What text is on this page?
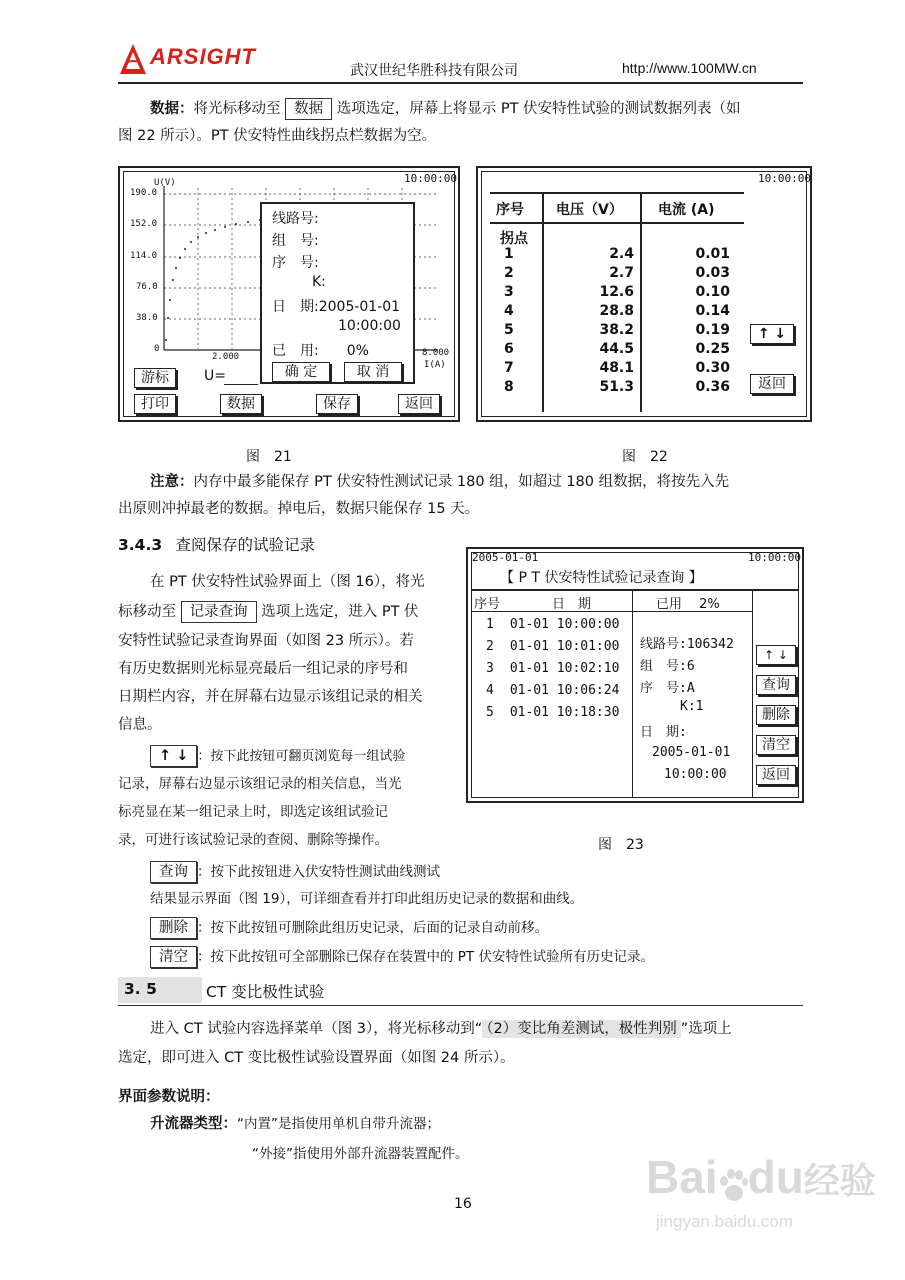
ARSIGHT
武汉世纪华胜科技有限公司	http://www.100MW.cn
数据：将光标移动至 数据 选项选定，屏幕上将显示 PT 伏安特性试验的测试数据列表（如
图 22 所示）。PT 伏安特性曲线拐点栏数据为空。
10:00:00
U(V)
190.0
152.0
114.0
76.0
38.0
0
2.000	8.000
I(A)
线路号:
组　号:
序　号:
K:
日　期:2005-01-01
10:00:00
已　用:　　0%
确 定	取 消
游标	U=
打印	数据	保存	返回
图　21
10:00:00
序号 电压（V）	电流 (A)
拐点
1	2.4	0.01
2	2.7	0.03
3	12.6	0.10
4	28.8	0.14
5	38.2	0.19
6	44.5	0.25
7	48.1	0.30
8	51.3	0.36
↑ ↓
返回
图　22
注意：内存中最多能保存 PT 伏安特性测试记录 180 组，如超过 180 组数据，将按先入先
出原则冲掉最老的数据。掉电后，数据只能保存 15 天。
3.4.3 查阅保存的试验记录
在 PT 伏安特性试验界面上（图 16），将光
标移动至 记录查询 选项上选定，进入 PT 伏
安特性试验记录查询界面（如图 23 所示）。若
有历史数据则光标显亮最后一组记录的序号和
日期栏内容，并在屏幕右边显示该组记录的相关
信息。
↑ ↓ ：按下此按钮可翻页浏览每一组试验
记录，屏幕右边显示该组记录的相关信息，当光
标亮显在某一组记录上时，即选定该组试验记
录，可进行该试验记录的查阅、删除等操作。
查询 ：按下此按钮进入伏安特性测试曲线测试
结果显示界面（图 19），可详细查看并打印此组历史记录的数据和曲线。
删除 ：按下此按钮可删除此组历史记录，后面的记录自动前移。
清空 ：按下此按钮可全部删除已保存在装置中的 PT 伏安特性试验所有历史记录。
2005-01-01	10:00:00
【 P T 伏安特性试验记录查询 】
序号	日　期	已用　 2%
1 01-01 10:00:00
2 01-01 10:01:00
3 01-01 10:02:10
4 01-01 10:06:24
5 01-01 10:18:30
线路号:106342
组　号:6
序　号:A
K:1
日　期:
2005-01-01
10:00:00
↑ ↓
查询
删除
清空
返回
图　23
3. 5	CT 变比极性试验
进入 CT 试验内容选择菜单（图 3），将光标移动到“ （2）变比角差测试，极性判别 ”选项上
选定，即可进入 CT 变比极性试验设置界面（如图 24 所示）。
界面参数说明：
升流器类型：“内置”是指使用单机自带升流器；
“外接”指使用外部升流器装置配件。
16
Bai du经验
jingyan.baidu.com
